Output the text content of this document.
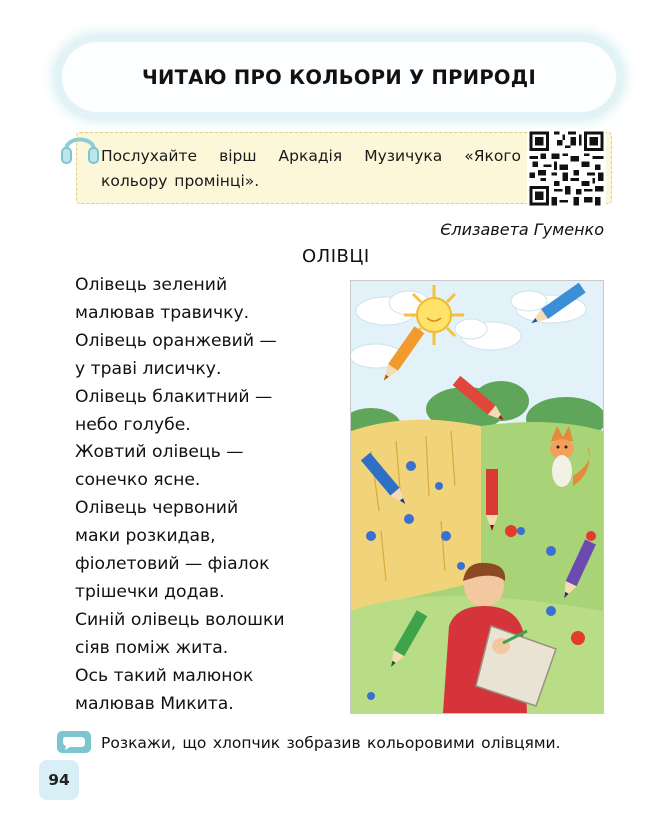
ЧИТАЮ ПРО КОЛЬОРИ У ПРИРОДІ
Послухайте вірш Аркадія Музичука «Якого кольору промінці».
Єлизавета Гуменко
ОЛІВЦІ
Олівець зелений
малював травичку.
Олівець оранжевий —
у траві лисичку.
Олівець блакитний —
небо голубе.
Жовтий олівець —
сонечко ясне.
Олівець червоний
маки розкидав,
фіолетовий — фіалок
трішечки додав.
Синій олівець волошки
сіяв поміж жита.
Ось такий малюнок
малював Микита.
Розкажи, що хлопчик зобразив кольоровими олівцями.
94
